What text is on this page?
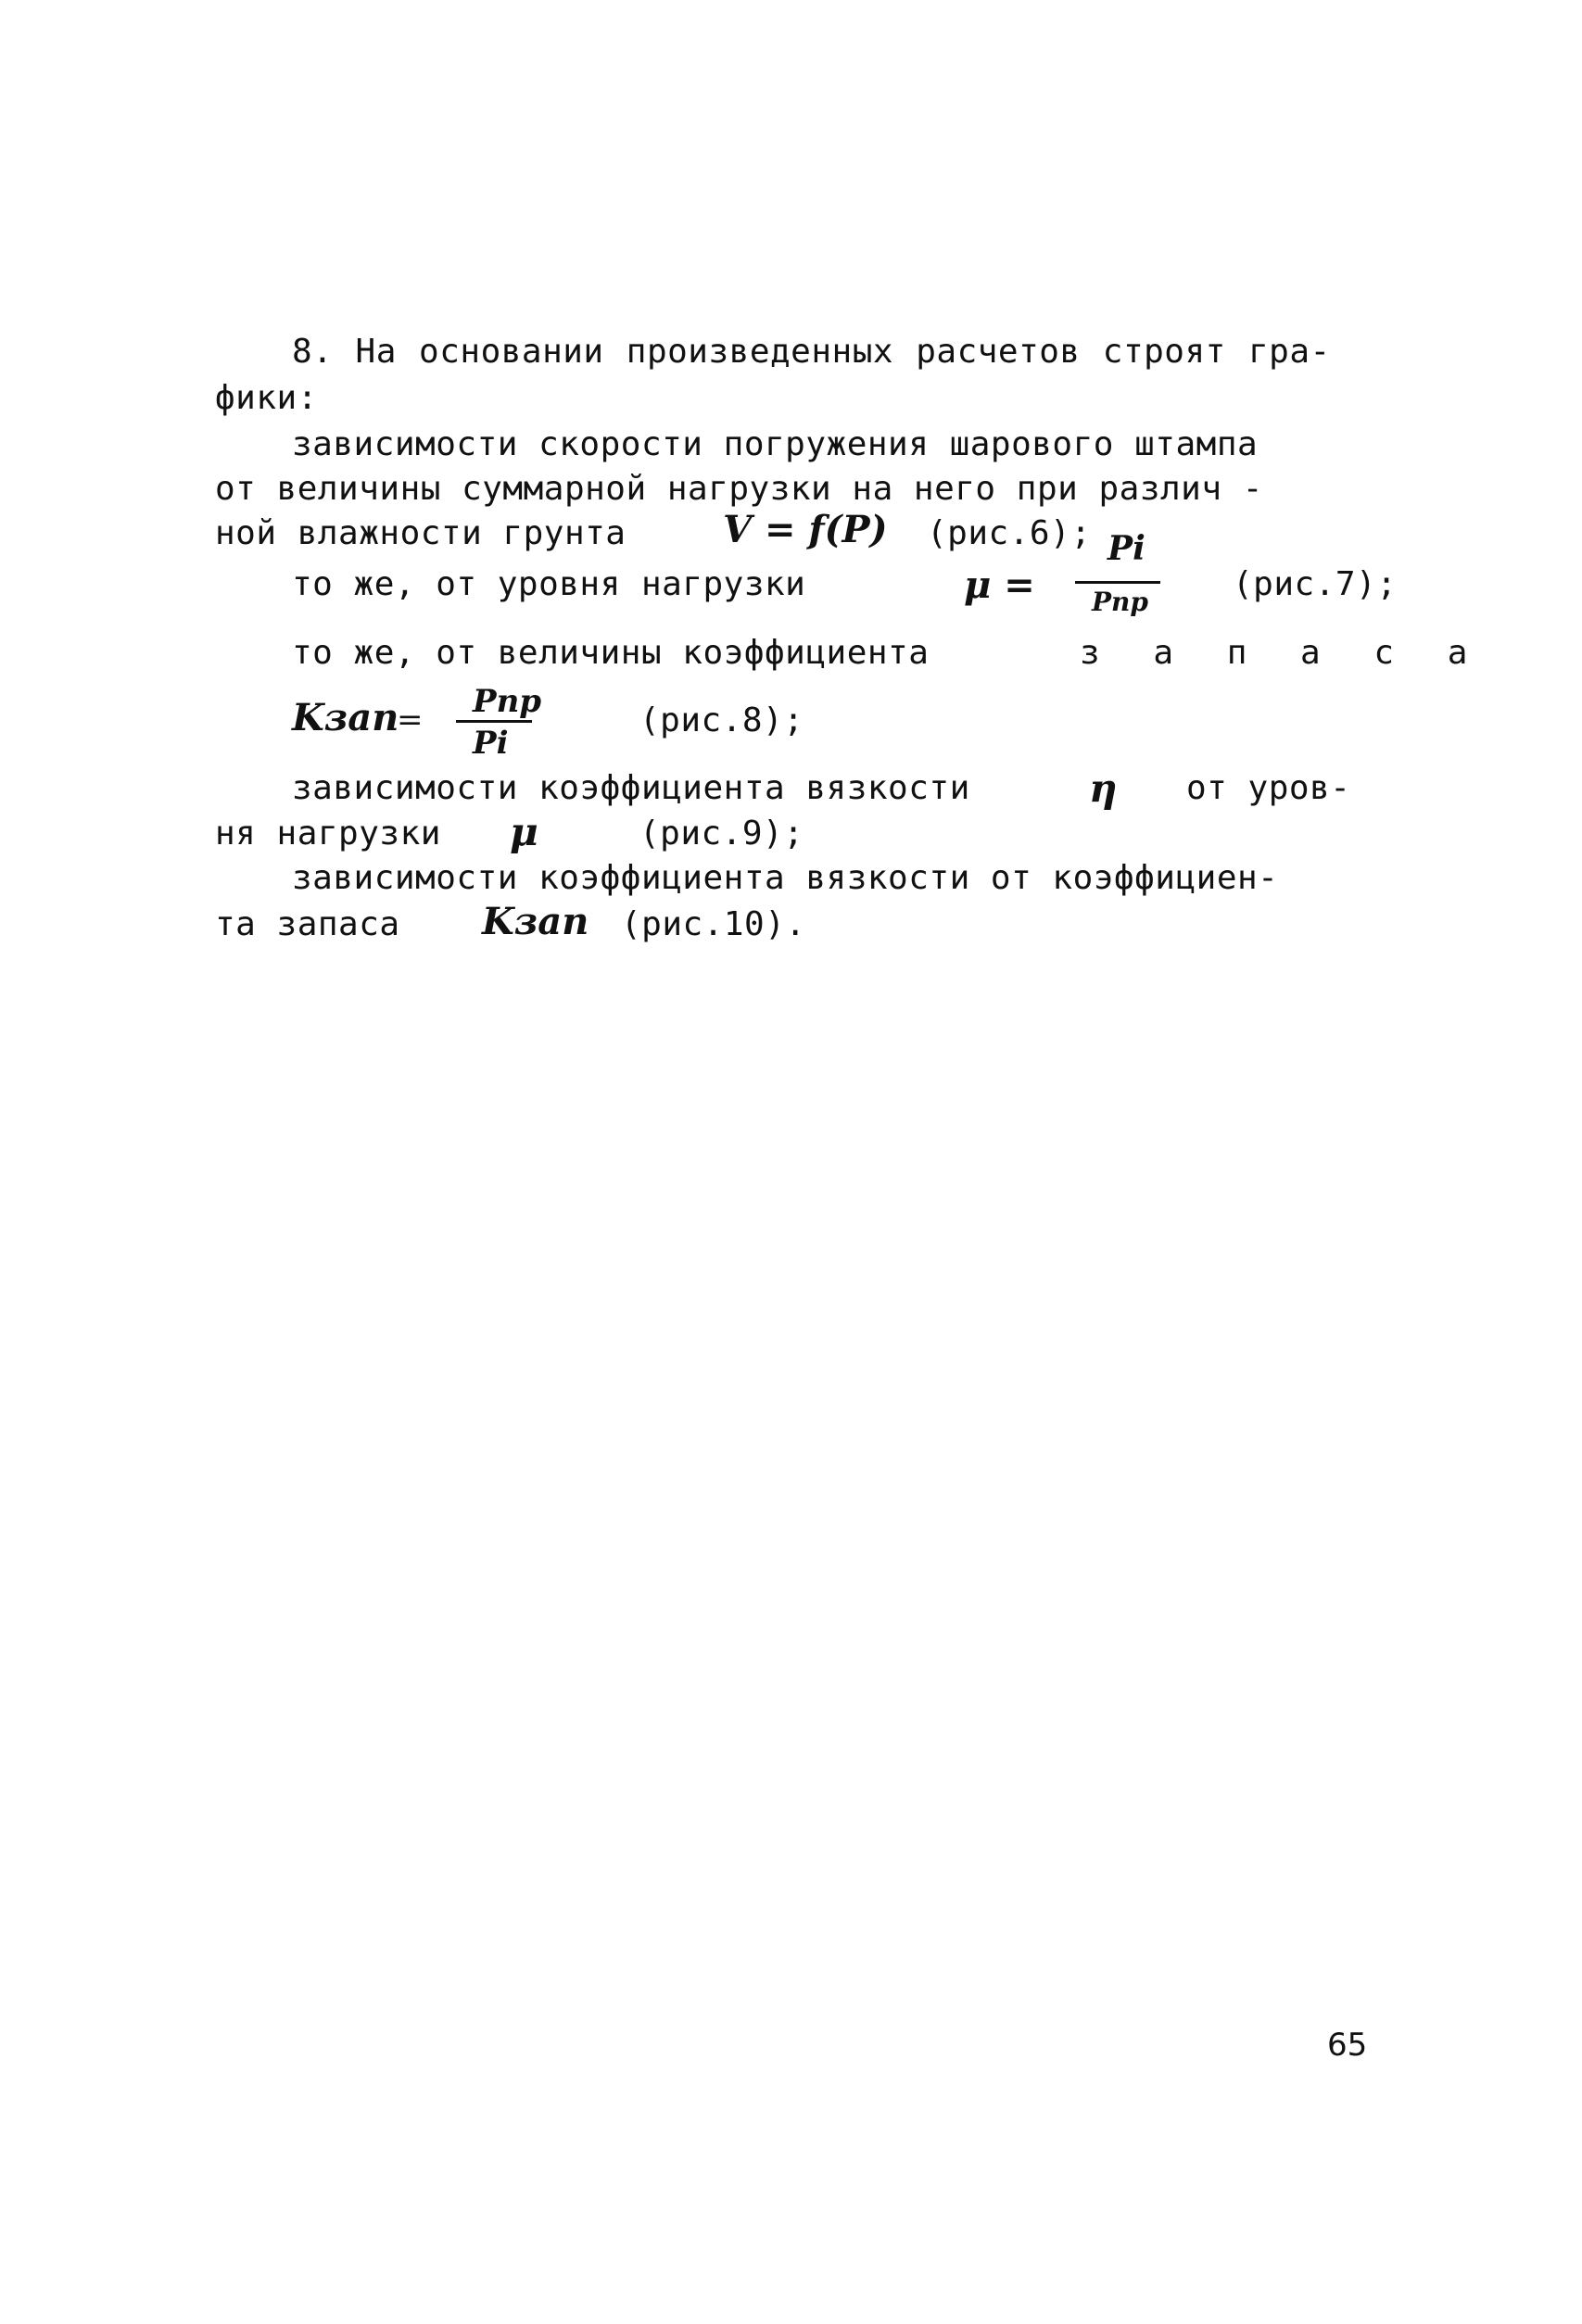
8. На основании произведенных расчетов строят гра-

фики:

зависимости скорости погружения шарового штампа

от величины суммарной нагрузки на него при различ -

ной влажности грунта	V = f(P) (рис.6);

то же, от уровня нагрузки	μ =
Pi
Pпр	(рис.7);

то же, от величины коэффициента	з а п а с а

Kзап
= Pпр
Pi

(рис.8);

зависимости коэффициента вязкости	η от уров-

ня нагрузки μ	(рис.9);

зависимости коэффициента вязкости от коэффициен-

та запаса Kзап (рис.10).

65
